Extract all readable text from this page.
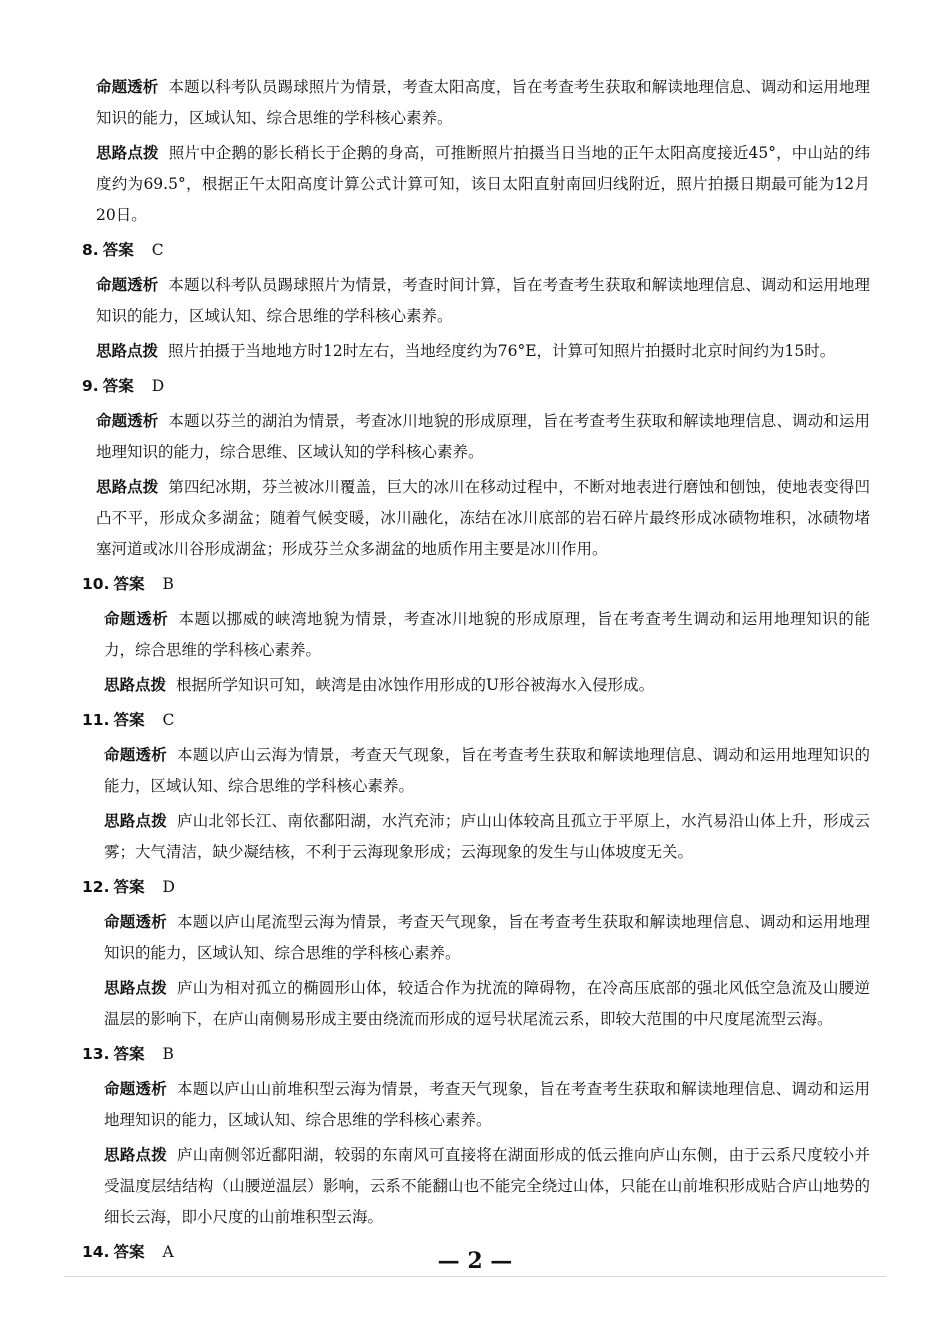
命题透析 本题以科考队员踢球照片为情景，考查太阳高度，旨在考查考生获取和解读地理信息、调动和运用地理知识的能力，区域认知、综合思维的学科核心素养。

思路点拨 照片中企鹅的影长稍长于企鹅的身高，可推断照片拍摄当日当地的正午太阳高度接近45°，中山站的纬度约为69.5°，根据正午太阳高度计算公式计算可知，该日太阳直射南回归线附近，照片拍摄日期最可能为12月20日。

8. 答案 C

命题透析 本题以科考队员踢球照片为情景，考查时间计算，旨在考查考生获取和解读地理信息、调动和运用地理知识的能力，区域认知、综合思维的学科核心素养。

思路点拨 照片拍摄于当地地方时12时左右，当地经度约为76°E，计算可知照片拍摄时北京时间约为15时。

9. 答案 D

命题透析 本题以芬兰的湖泊为情景，考查冰川地貌的形成原理，旨在考查考生获取和解读地理信息、调动和运用地理知识的能力，综合思维、区域认知的学科核心素养。

思路点拨 第四纪冰期，芬兰被冰川覆盖，巨大的冰川在移动过程中，不断对地表进行磨蚀和刨蚀，使地表变得凹凸不平，形成众多湖盆；随着气候变暖，冰川融化，冻结在冰川底部的岩石碎片最终形成冰碛物堆积，冰碛物堵塞河道或冰川谷形成湖盆；形成芬兰众多湖盆的地质作用主要是冰川作用。

10. 答案 B

命题透析 本题以挪威的峡湾地貌为情景，考查冰川地貌的形成原理，旨在考查考生调动和运用地理知识的能力，综合思维的学科核心素养。

思路点拨 根据所学知识可知，峡湾是由冰蚀作用形成的U形谷被海水入侵形成。

11. 答案 C

命题透析 本题以庐山云海为情景，考查天气现象，旨在考查考生获取和解读地理信息、调动和运用地理知识的能力，区域认知、综合思维的学科核心素养。

思路点拨 庐山北邻长江、南依鄱阳湖，水汽充沛；庐山山体较高且孤立于平原上，水汽易沿山体上升，形成云雾；大气清洁，缺少凝结核，不利于云海现象形成；云海现象的发生与山体坡度无关。

12. 答案 D

命题透析 本题以庐山尾流型云海为情景，考查天气现象，旨在考查考生获取和解读地理信息、调动和运用地理知识的能力，区域认知、综合思维的学科核心素养。

思路点拨 庐山为相对孤立的椭圆形山体，较适合作为扰流的障碍物，在冷高压底部的强北风低空急流及山腰逆温层的影响下，在庐山南侧易形成主要由绕流而形成的逗号状尾流云系，即较大范围的中尺度尾流型云海。

13. 答案 B

命题透析 本题以庐山山前堆积型云海为情景，考查天气现象，旨在考查考生获取和解读地理信息、调动和运用地理知识的能力，区域认知、综合思维的学科核心素养。

思路点拨 庐山南侧邻近鄱阳湖，较弱的东南风可直接将在湖面形成的低云推向庐山东侧，由于云系尺度较小并受温度层结结构（山腰逆温层）影响，云系不能翻山也不能完全绕过山体，只能在山前堆积形成贴合庐山地势的细长云海，即小尺度的山前堆积型云海。

14. 答案 A	— 2 —
